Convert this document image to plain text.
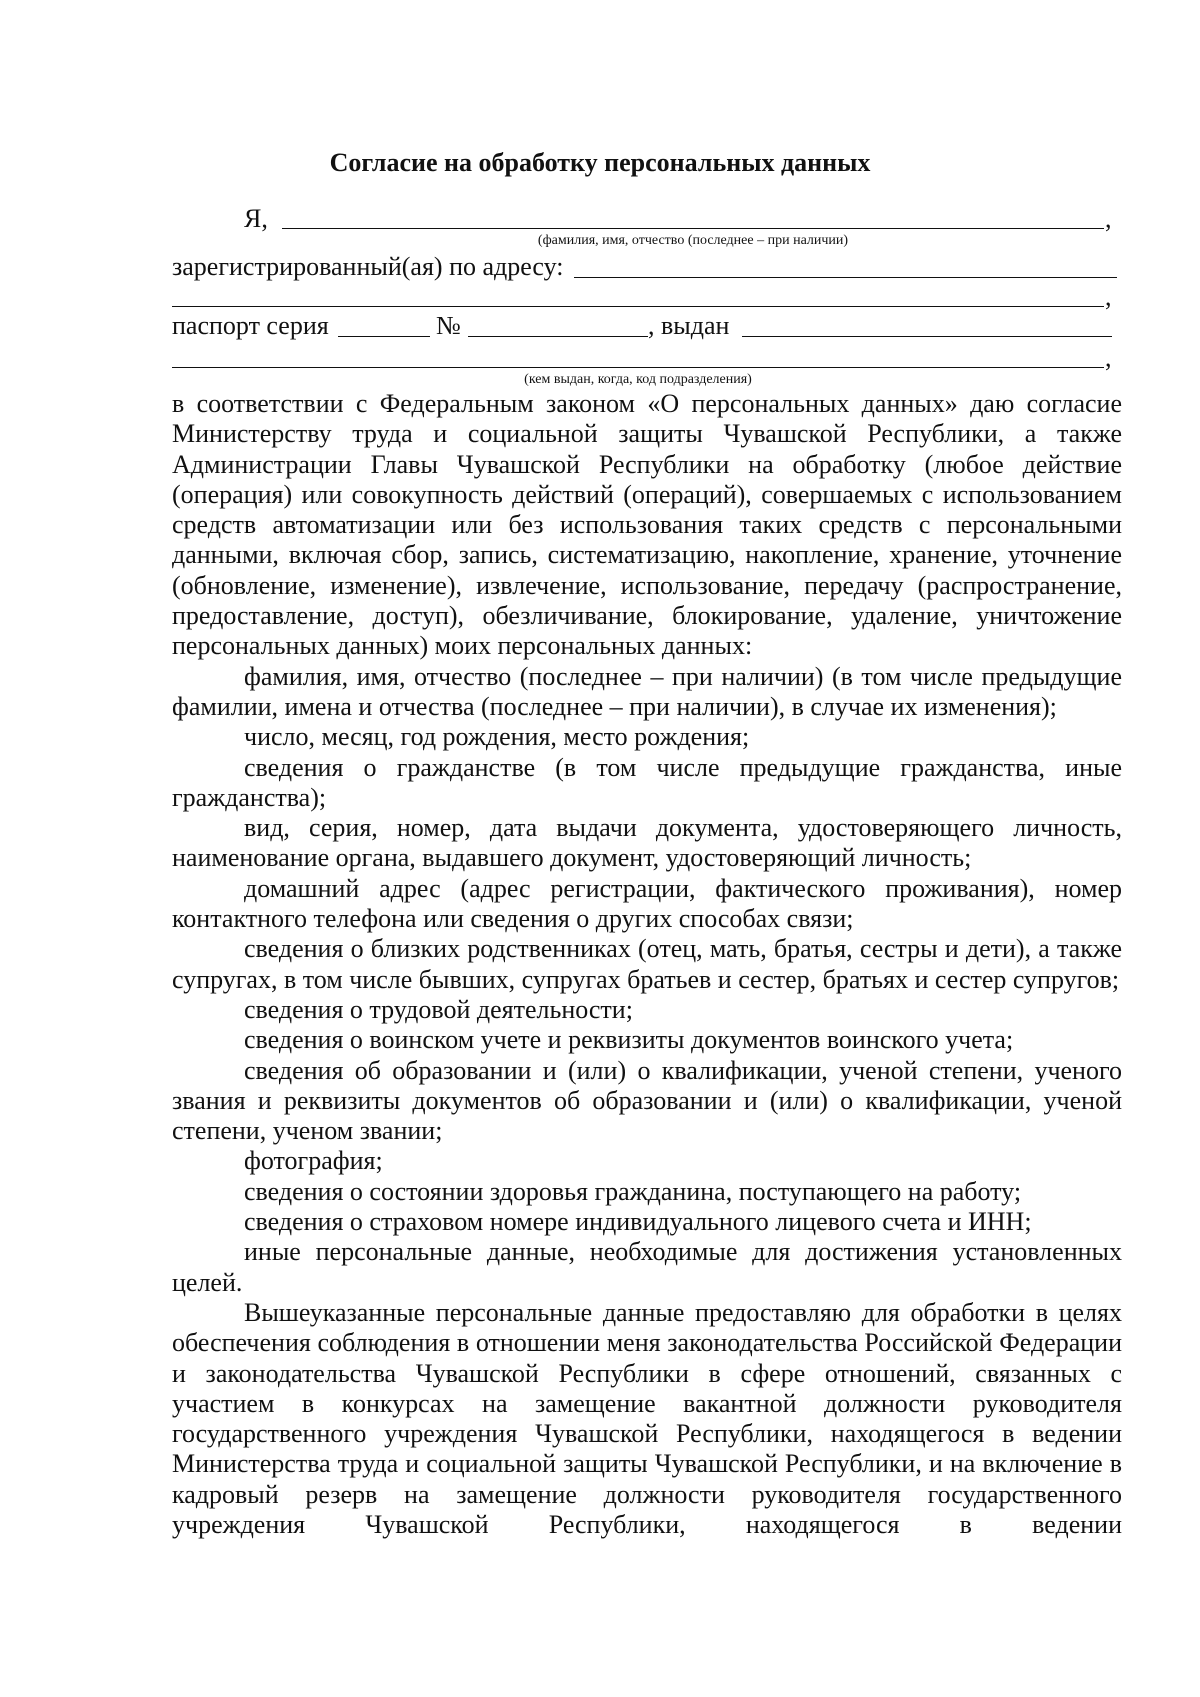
Согласие на обработку персональных данных
Я,	,
(фамилия, имя, отчество (последнее – при наличии)
зарегистрированный(ая) по адресу:
,
паспорт серия	№	, выдан
,
(кем выдан, когда, код подразделения)

в соответствии с Федеральным законом «О персональных данных» даю согласие Министерству труда и социальной защиты Чувашской Республики, а также Администрации Главы Чувашской Республики на обработку (любое действие (операция) или совокупность действий (операций), совершаемых с использованием средств автоматизации или без использования таких средств с персональными данными, включая сбор, запись, систематизацию, накопление, хранение, уточнение (обновление, изменение), извлечение, использование, передачу (распространение, предоставление, доступ), обезличивание, блокирование, удаление, уничтожение персональных данных) моих персональных данных:

фамилия, имя, отчество (последнее – при наличии) (в том числе предыдущие фамилии, имена и отчества (последнее – при наличии), в случае их изменения);

число, месяц, год рождения, место рождения;

сведения о гражданстве (в том числе предыдущие гражданства, иные гражданства);

вид, серия, номер, дата выдачи документа, удостоверяющего личность, наименование органа, выдавшего документ, удостоверяющий личность;

домашний адрес (адрес регистрации, фактического проживания), номер контактного телефона или сведения о других способах связи;

сведения о близких родственниках (отец, мать, братья, сестры и дети), а также супругах, в том числе бывших, супругах братьев и сестер, братьях и сестер супругов;

сведения о трудовой деятельности;

сведения о воинском учете и реквизиты документов воинского учета;

сведения об образовании и (или) о квалификации, ученой степени, ученого звания и реквизиты документов об образовании и (или) о квалификации, ученой степени, ученом звании;

фотография;

сведения о состоянии здоровья гражданина, поступающего на работу;

сведения о страховом номере индивидуального лицевого счета и ИНН;

иные персональные данные, необходимые для достижения установленных целей.

Вышеуказанные персональные данные предоставляю для обработки в целях обеспечения соблюдения в отношении меня законодательства Российской Федерации и законодательства Чувашской Республики в сфере отношений, связанных с участием в конкурсах на замещение вакантной должности руководителя государственного учреждения Чувашской Республики, находящегося в ведении Министерства труда и социальной защиты Чувашской Республики, и на включение в кадровый резерв на замещение должности руководителя государственного учреждения Чувашской Республики, находящегося в ведении
